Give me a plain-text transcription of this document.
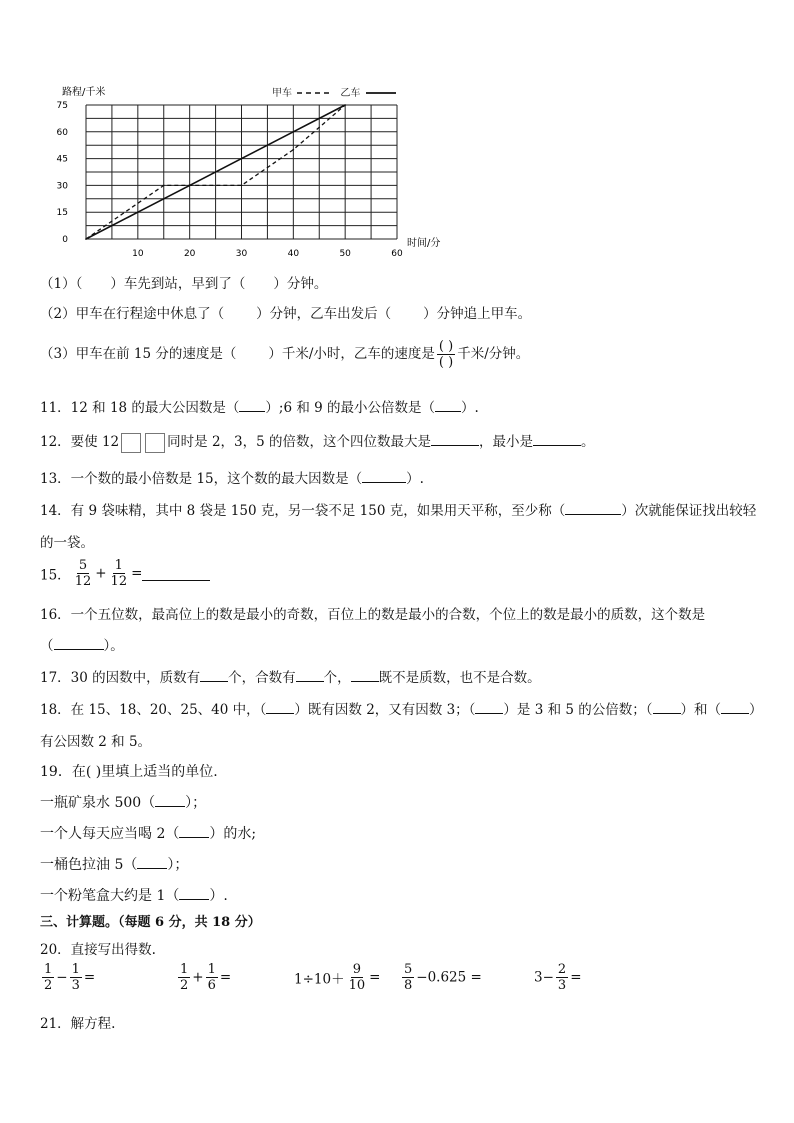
0
15
30
45
60
75
10	20	30	40	50	60
路程/千米
时间/分
甲车	乙车
（1）（ ）车先到站，早到了（ ）分钟。
（2）甲车在行程途中休息了（ ）分钟，乙车出发后（ ）分钟追上甲车。
（3）甲车在前 15 分的速度是（ ）千米/小时，乙车的速度是 $\frac{( )}{( )}$ 千米/分钟。
11．12 和 18 的最大公因数是（ ）;6 和 9 的最小公倍数是（ ）.
12．要使 12	同时是 2，3，5 的倍数，这个四位数最大是	，最小是	。
13．一个数的最小倍数是 15，这个数的最大因数是（	）.
14．有 9 袋味精，其中 8 袋是 150 克，另一袋不足 150 克，如果用天平称，至少称（	）次就能保证找出较轻
的一袋。
15． $\frac{5}{12} + \frac{1}{12}$ =
16．一个五位数，最高位上的数是最小的奇数，百位上的数是最小的合数，个位上的数是最小的质数，这个数是
（	）。
17．30 的因数中，质数有 个，合数有 个， 既不是质数，也不是合数。
18．在 15、18、20、25、40 中，（ ）既有因数 2，又有因数 3；（ ）是 3 和 5 的公倍数；（ ）和（ ）
有公因数 2 和 5。
19．在( )里填上适当的单位.
一瓶矿泉水 500（ ）；
一个人每天应当喝 2（ ）的水;
一桶色拉油 5（ ）；
一个粉笔盒大约是 1（ ）.
三、计算题。（每题 6 分，共 18 分）
20．直接写出得数.
$\frac{1}{2} - \frac{1}{3}$ =	$\frac{1}{2} + \frac{1}{6}$ =	$1\div 10+ \frac{9}{10} = \frac{5}{8} -0.625$ =	$3- \frac{2}{3}$ =
21．解方程.
